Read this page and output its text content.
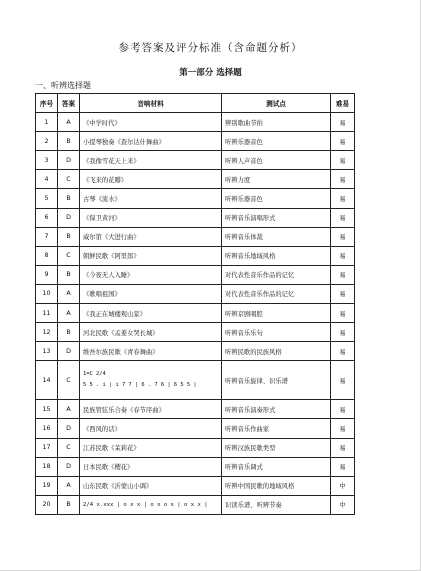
参考答案及评分标准（含命题分析）
第一部分 选择题
一、听辨选择题
序号	答案	音响材料	测试点	难易
1	A	《中学时代》	辨别歌曲节拍	易
2	B	小提琴独奏《查尔达什舞曲》	听辨乐器音色	易
3	D	《我像雪花天上来》	听辨人声音色	易
4	C	《飞来的花瓣》	听辨力度	易
5	B	古琴《流水》	听辨乐器音色	易
6	D	《保卫黄河》	听辨音乐演唱形式	易
7	B	威尔第《大进行曲》	听辨音乐体裁	易
8	C	朝鲜民歌《阿里郎》	听辨音乐地域风格	易
9	B	《今夜无人入睡》	对代表性音乐作品的记忆	易
10	A	《歌唱祖国》	对代表性音乐作品的记忆	易
11	A	《我正在城楼观山景》	听辨京剧唱腔	易
12	B	河北民歌《孟姜女哭长城》	听辨音乐乐句	易
13	D	维吾尔族民歌《青春舞曲》	听辨民歌的民族风格	易
14	C	1=C 2/4
5 5 . i | i 7 7 | 6 . 7 6 | 6 5 5 |	听辨音乐旋律、识乐谱	易
15	A	民族管弦乐合奏《春节序曲》	听辨音乐演奏形式	易
16	D	《西风的话》	听辨音乐作曲家	易
17	C	江苏民歌《茉莉花》	听辨汉族民歌类型	易
18	D	日本民歌《樱花》	听辨音乐调式	易
19	A	山东民歌《沂蒙山小调》	听辨中国民歌的地域风格	中
20	B	2/4 x.xxx | o x x | o x o x | o x x |	识读乐谱、听辨节奏	中
